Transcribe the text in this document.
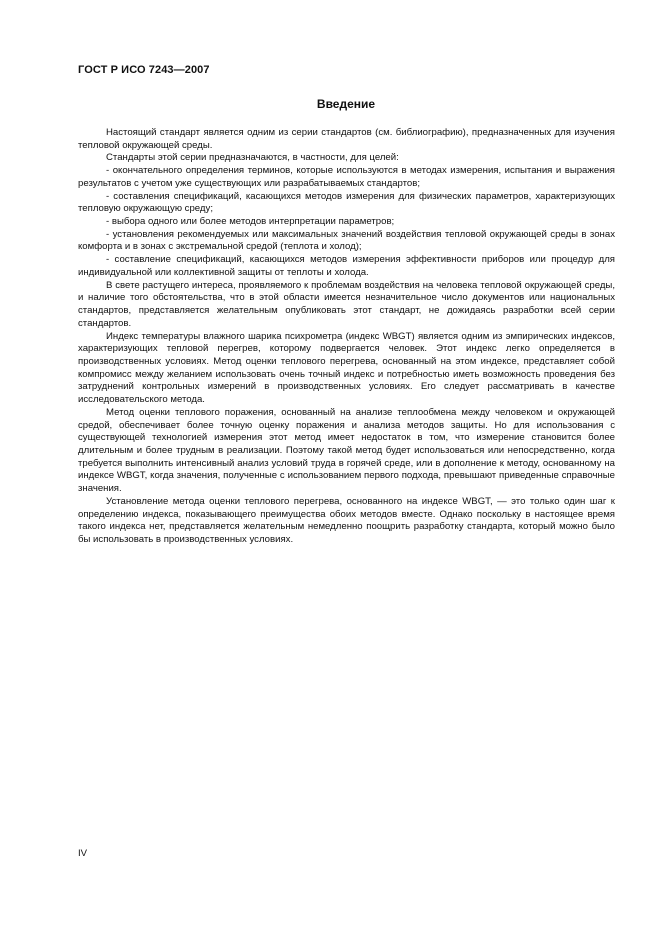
ГОСТ Р ИСО 7243—2007
Введение

Настоящий стандарт является одним из серии стандартов (см. библиографию), предназначенных для изучения тепловой окружающей среды.

Стандарты этой серии предназначаются, в частности, для целей:

- окончательного определения терминов, которые используются в методах измерения, испытания и выражения результатов с учетом уже существующих или разрабатываемых стандартов;

- составления спецификаций, касающихся методов измерения для физических параметров, характеризующих тепловую окружающую среду;

- выбора одного или более методов интерпретации параметров;

- установления рекомендуемых или максимальных значений воздействия тепловой окружающей среды в зонах комфорта и в зонах с экстремальной средой (теплота и холод);

- составление спецификаций, касающихся методов измерения эффективности приборов или процедур для индивидуальной или коллективной защиты от теплоты и холода.

В свете растущего интереса, проявляемого к проблемам воздействия на человека тепловой окружающей среды, и наличие того обстоятельства, что в этой области имеется незначительное число документов или национальных стандартов, представляется желательным опубликовать этот стандарт, не дожидаясь разработки всей серии стандартов.

Индекс температуры влажного шарика психрометра (индекс WBGT) является одним из эмпирических индексов, характеризующих тепловой перегрев, которому подвергается человек. Этот индекс легко определяется в производственных условиях. Метод оценки теплового перегрева, основанный на этом индексе, представляет собой компромисс между желанием использовать очень точный индекс и потребностью иметь возможность проведения без затруднений контрольных измерений в производственных условиях. Его следует рассматривать в качестве исследовательского метода.

Метод оценки теплового поражения, основанный на анализе теплообмена между человеком и окружающей средой, обеспечивает более точную оценку поражения и анализа методов защиты. Но для использования с существующей технологией измерения этот метод имеет недостаток в том, что измерение становится более длительным и более трудным в реализации. Поэтому такой метод будет использоваться или непосредственно, когда требуется выполнить интенсивный анализ условий труда в горячей среде, или в дополнение к методу, основанному на индексе WBGT, когда значения, полученные с использованием первого подхода, превышают приведенные справочные значения.

Установление метода оценки теплового перегрева, основанного на индексе WBGT, — это только один шаг к определению индекса, показывающего преимущества обоих методов вместе. Однако поскольку в настоящее время такого индекса нет, представляется желательным немедленно поощрить разработку стандарта, который можно было бы использовать в производственных условиях.

IV
